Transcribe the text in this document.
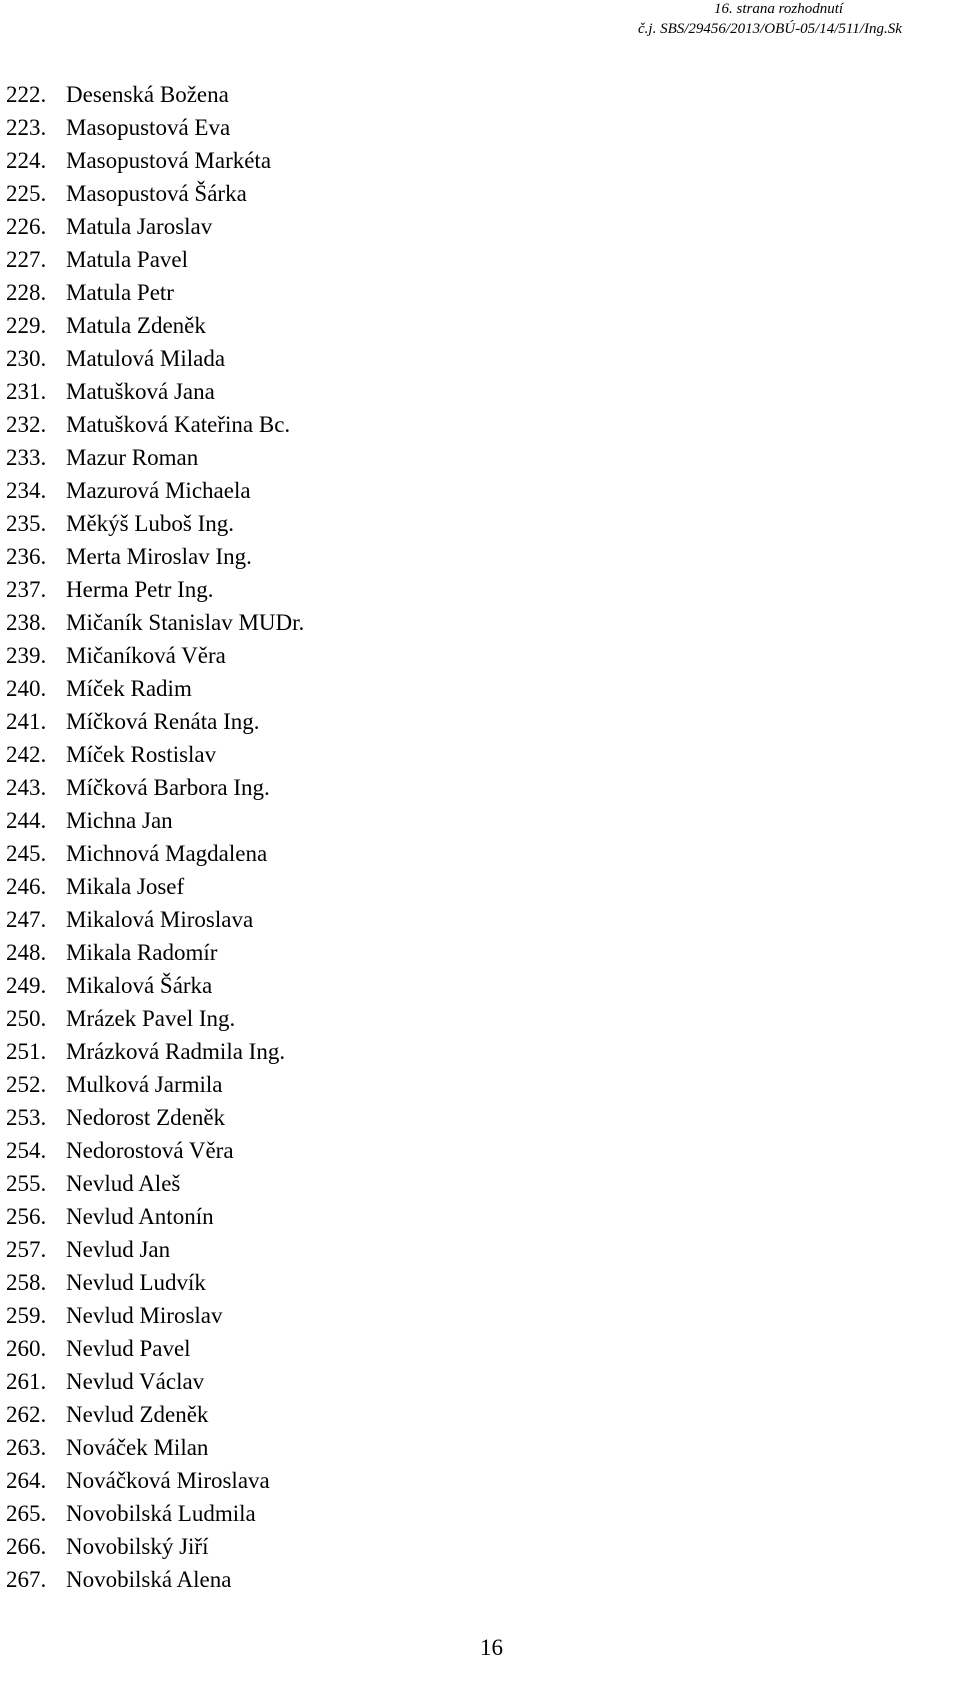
16. strana rozhodnutí
č.j. SBS/29456/2013/OBÚ-05/14/511/Ing.Sk
222. Desenská Božena
223. Masopustová Eva
224. Masopustová Markéta
225. Masopustová Šárka
226. Matula Jaroslav
227. Matula Pavel
228. Matula Petr
229. Matula Zdeněk
230. Matulová Milada
231. Matušková Jana
232. Matušková Kateřina Bc.
233. Mazur Roman
234. Mazurová Michaela
235. Měkýš Luboš Ing.
236. Merta Miroslav Ing.
237. Herma Petr Ing.
238. Mičaník Stanislav MUDr.
239. Mičaníková Věra
240. Míček Radim
241. Míčková Renáta Ing.
242. Míček Rostislav
243. Míčková Barbora Ing.
244. Michna Jan
245. Michnová Magdalena
246. Mikala Josef
247. Mikalová Miroslava
248. Mikala Radomír
249. Mikalová Šárka
250. Mrázek Pavel Ing.
251. Mrázková Radmila Ing.
252. Mulková Jarmila
253. Nedorost Zdeněk
254. Nedorostová Věra
255. Nevlud Aleš
256. Nevlud Antonín
257. Nevlud Jan
258. Nevlud Ludvík
259. Nevlud Miroslav
260. Nevlud Pavel
261. Nevlud Václav
262. Nevlud Zdeněk
263. Nováček Milan
264. Nováčková Miroslava
265. Novobilská Ludmila
266. Novobilský Jiří
267. Novobilská Alena
16
